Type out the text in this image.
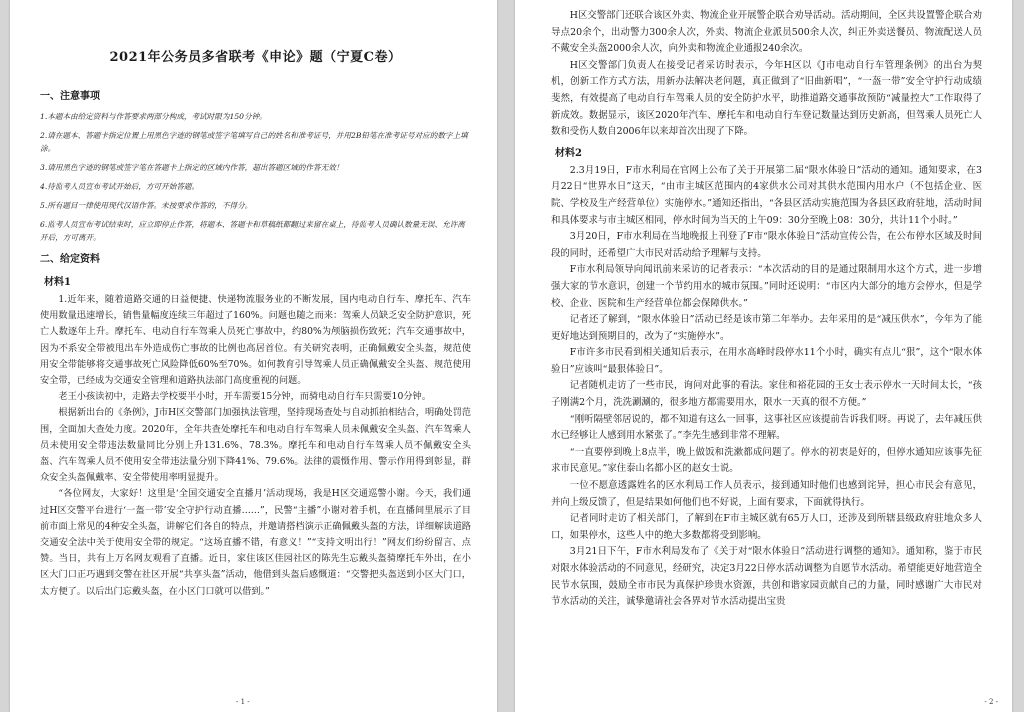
2021年公务员多省联考《申论》题（宁夏C卷）
一、注意事项

1.本题本由给定资料与作答要求两部分构成，考试时限为150分钟。

2.请在题本、答题卡指定位置上用黑色字迹的钢笔或签字笔填写自己的姓名和准考证号，并用2B铅笔在准考证号对应的数字上填涂。

3.请用黑色字迹的钢笔或签字笔在答题卡上指定的区域内作答，超出答题区域的作答无效！

4.待监考人员宣布考试开始后，方可开始答题。

5.所有题目一律使用现代汉语作答。未按要求作答的，不得分。

6.监考人员宣布考试结束时，应立即停止作答，将题本、答题卡和草稿纸都翻过来留在桌上，待监考人员确认数量无误、允许离开后，方可离开。

二、给定资料
材料1

1.近年来，随着道路交通的日益便捷、快递物流服务业的不断发展，国内电动自行车、摩托车、汽车使用数量迅速增长，销售量幅度连续三年超过了160%。问题也随之而来：驾乘人员缺乏安全防护意识，死亡人数逐年上升。摩托车、电动自行车驾乘人员死亡事故中，约80%为颅脑损伤致死；汽车交通事故中，因为不系安全带被甩出车外造成伤亡事故的比例也高居首位。有关研究表明，正确佩戴安全头盔，规范使用安全带能够将交通事故死亡风险降低60%至70%。如何教育引导驾乘人员正确佩戴安全头盔、规范使用安全带，已经成为交通安全管理和道路执法部门高度重视的问题。

老王小孩读初中，走路去学校要半小时，开车需要15分钟，而骑电动自行车只需要10分钟。

根据新出台的《条例》，J市H区交警部门加强执法管理，坚持现场查处与自动抓拍相结合，明确处罚范围，全面加大查处力度。2020年，全年共查处摩托车和电动自行车驾乘人员未佩戴安全头盔、汽车驾乘人员未使用安全带违法数量同比分别上升131.6%、78.3%。摩托车和电动自行车驾乘人员不佩戴安全头盔、汽车驾乘人员不使用安全带违法量分别下降41%、79.6%。法律的震慑作用、警示作用得到彰显，群众安全头盔佩戴率、安全带使用率明显提升。

“各位网友，大家好！这里是‘全国交通安全直播月’活动现场，我是H区交通巡警小谢。今天，我们通过H区交警平台进行‘一盔一带’安全守护行动直播……”，民警“主播”小谢对着手机，在直播间里展示了目前市面上常见的4种安全头盔，讲解它们各自的特点，并邀请搭档演示正确佩戴头盔的方法，详细解读道路交通安全法中关于使用安全带的规定。“这场直播不错，有意义！”“支持文明出行！”网友们纷纷留言、点赞。当日，共有上万名网友观看了直播。近日，家住该区佳园社区的陈先生忘戴头盔骑摩托车外出，在小区大门口正巧遇到交警在社区开展“共享头盔”活动，他借到头盔后感慨道：“交警把头盔送到小区大门口，太方便了。以后出门忘戴头盔，在小区门口就可以借到。”

- 1 -

H区交警部门还联合该区外卖、物流企业开展警企联合劝导活动。活动期间，全区共设置警企联合劝导点20余个，出动警力300余人次，外卖、物流企业派员500余人次，纠正外卖送餐员、物流配送人员不戴安全头盔2000余人次，向外卖和物流企业通报240余次。

H区交警部门负责人在接受记者采访时表示，今年H区以《J市电动自行车管理条例》的出台为契机，创新工作方式方法，用新办法解决老问题，真正做到了“旧曲新唱”，“一盔一带”安全守护行动成绩斐然，有效提高了电动自行车驾乘人员的安全防护水平，助推道路交通事故预防“减量控大”工作取得了新成效。数据显示，该区2020年汽车、摩托车和电动自行车登记数量达到历史新高，但驾乘人员死亡人数和受伤人数自2006年以来却首次出现了下降。

材料2

2.3月19日，F市水利局在官网上公布了关于开展第二届“限水体验日”活动的通知。通知要求，在3月22日“世界水日”这天，“由市主城区范围内的4家供水公司对其供水范围内用水户（不包括企业、医院、学校及生产经营单位）实施停水。”通知还指出，“各县区活动实施范围为各县区政府驻地，活动时间和具体要求与市主城区相同，停水时间为当天的上午09：30分至晚上08：30分，共计11个小时。”

3月20日，F市水利局在当地晚报上刊登了F市“限水体验日”活动宣传公告，在公布停水区域及时间段的同时，还希望广大市民对活动给予理解与支持。

F市水利局领导向闻讯前来采访的记者表示：“本次活动的目的是通过限制用水这个方式，进一步增强大家的节水意识，创建一个节约用水的城市氛围。”同时还说明：“市区内大部分的地方会停水，但是学校、企业、医院和生产经营单位都会保障供水。”

记者还了解到，“限水体验日”活动已经是该市第二年举办。去年采用的是“减压供水”，今年为了能更好地达到预期目的，改为了“实施停水”。

F市许多市民看到相关通知后表示，在用水高峰时段停水11个小时，确实有点儿“狠”，这个“限水体验日”应该叫“最狠体验日”。

记者随机走访了一些市民，询问对此事的看法。家住和裕花园的王女士表示停水一天时间太长，“孩子刚满2个月，洗洗涮涮的，很多地方都需要用水，限水一天真的很不方便。”

“刚听隔壁邻居说的，都不知道有这么一回事，这事社区应该提前告诉我们呀。再说了，去年减压供水已经够让人感到用水紧张了。”李先生感到非常不理解。

“一直要停到晚上8点半，晚上做饭和洗漱都成问题了。停水的初衷是好的，但停水通知应该事先征求市民意见。”家住泰山名都小区的赵女士说。

一位不愿意透露姓名的区水利局工作人员表示，接到通知时他们也感到诧异，担心市民会有意见，并向上级反馈了，但是结果如何他们也不好说，上面有要求，下面就得执行。

记者同时走访了相关部门，了解到在F市主城区就有65万人口，还涉及到所辖县级政府驻地众多人口，如果停水，这些人中的绝大多数都将受到影响。

3月21日下午，F市水利局发布了《关于对“限水体验日”活动进行调整的通知》。通知称，鉴于市民对限水体验活动的不同意见，经研究，决定3月22日停水活动调整为自愿节水活动。希望能更好地营造全民节水氛围，鼓励全市市民为真保护珍贵水资源，共创和谐家园贡献自己的力量，同时感谢广大市民对节水活动的关注，诚挚邀请社会各界对节水活动提出宝贵

- 2 -
